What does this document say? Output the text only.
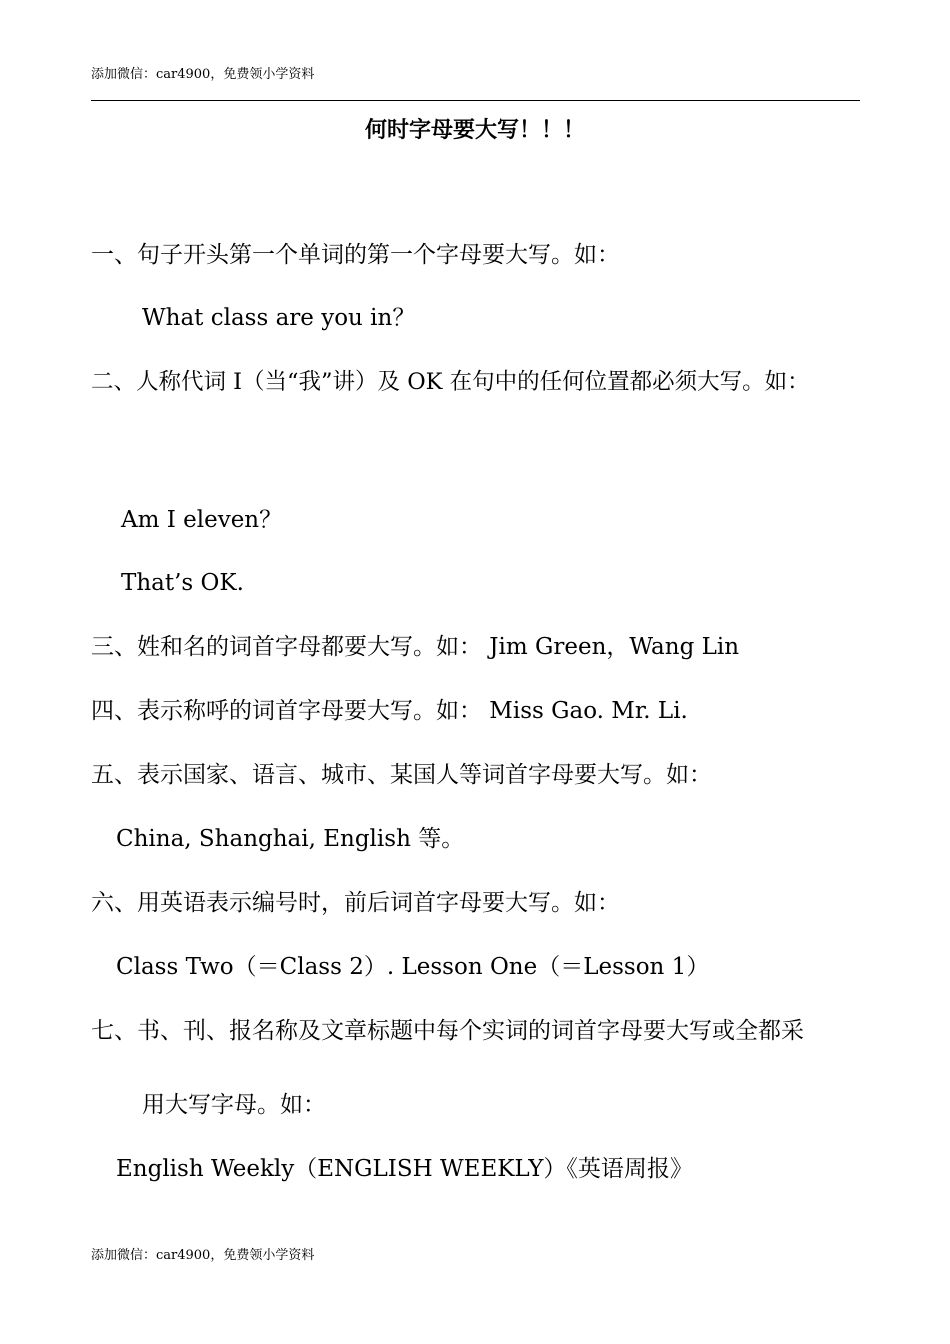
添加微信：car4900，免费领小学资料
何时字母要大写！！！
一、句子开头第一个单词的第一个字母要大写。如：
What class are you in？
二、人称代词 I（当“我”讲）及 OK 在句中的任何位置都必须大写。如：
Am I eleven？
That’s OK.
三、姓和名的词首字母都要大写。如： Jim Green，Wang Lin
四、表示称呼的词首字母要大写。如： Miss Gao. Mr. Li.
五、表示国家、语言、城市、某国人等词首字母要大写。如：
China, Shanghai, English 等。
六、用英语表示编号时，前后词首字母要大写。如：
Class Two（＝Class 2）. Lesson One（＝Lesson 1）
七、书、刊、报名称及文章标题中每个实词的词首字母要大写或全都采
用大写字母。如：
English Weekly（ENGLISH WEEKLY）《英语周报》
添加微信：car4900，免费领小学资料
